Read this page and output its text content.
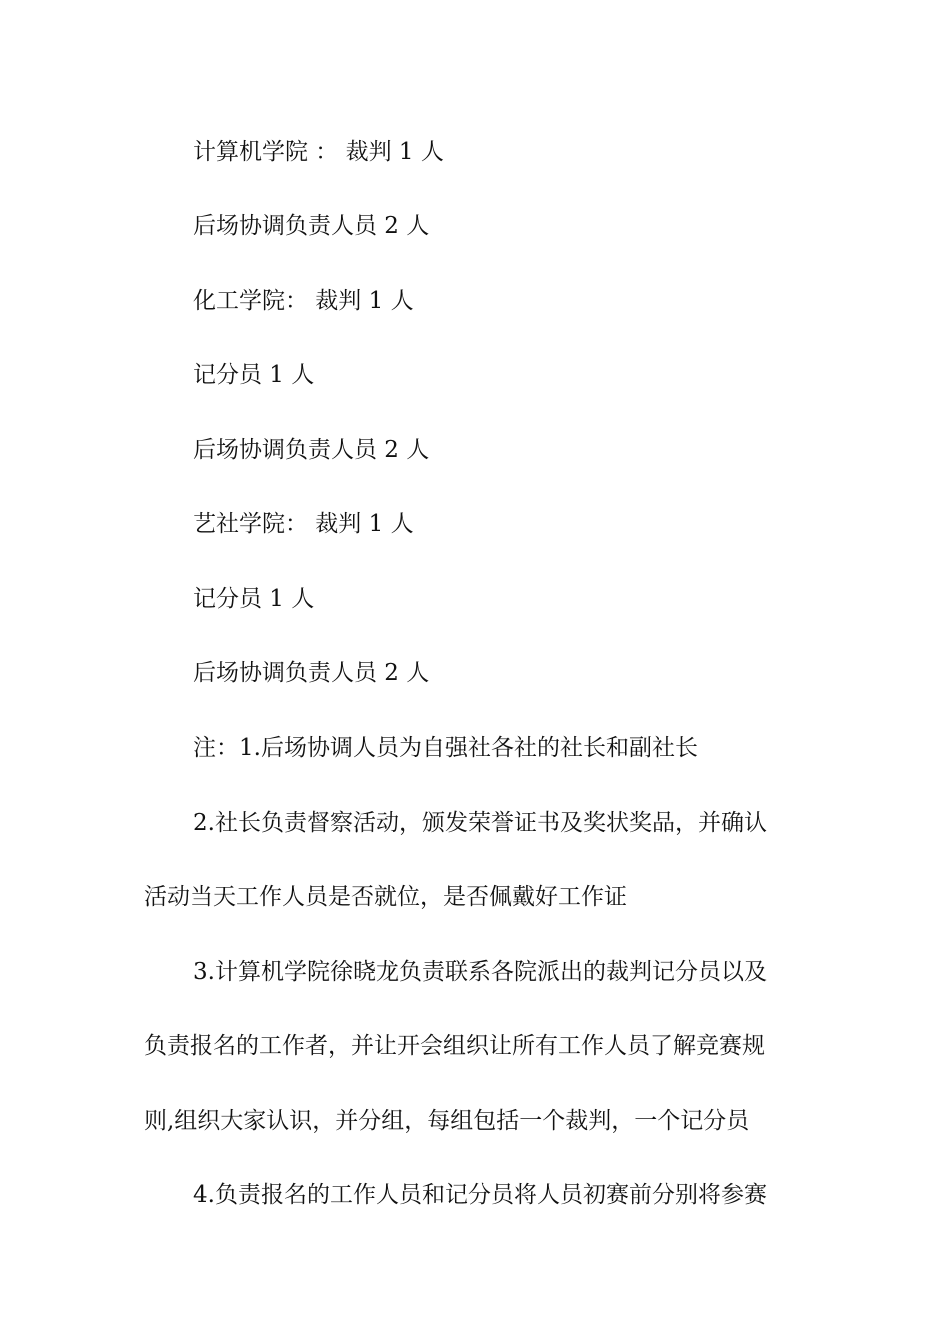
计算机学院 ： 裁判 1 人
后场协调负责人员 2 人
化工学院： 裁判 1 人
记分员 1 人
后场协调负责人员 2 人
艺社学院： 裁判 1 人
记分员 1 人
后场协调负责人员 2 人
注：1.后场协调人员为自强社各社的社长和副社长
2.社长负责督察活动，颁发荣誉证书及奖状奖品，并确认
活动当天工作人员是否就位，是否佩戴好工作证
3.计算机学院徐晓龙负责联系各院派出的裁判记分员以及
负责报名的工作者，并让开会组织让所有工作人员了解竞赛规
则,组织大家认识，并分组，每组包括一个裁判，一个记分员
4.负责报名的工作人员和记分员将人员初赛前分别将参赛
